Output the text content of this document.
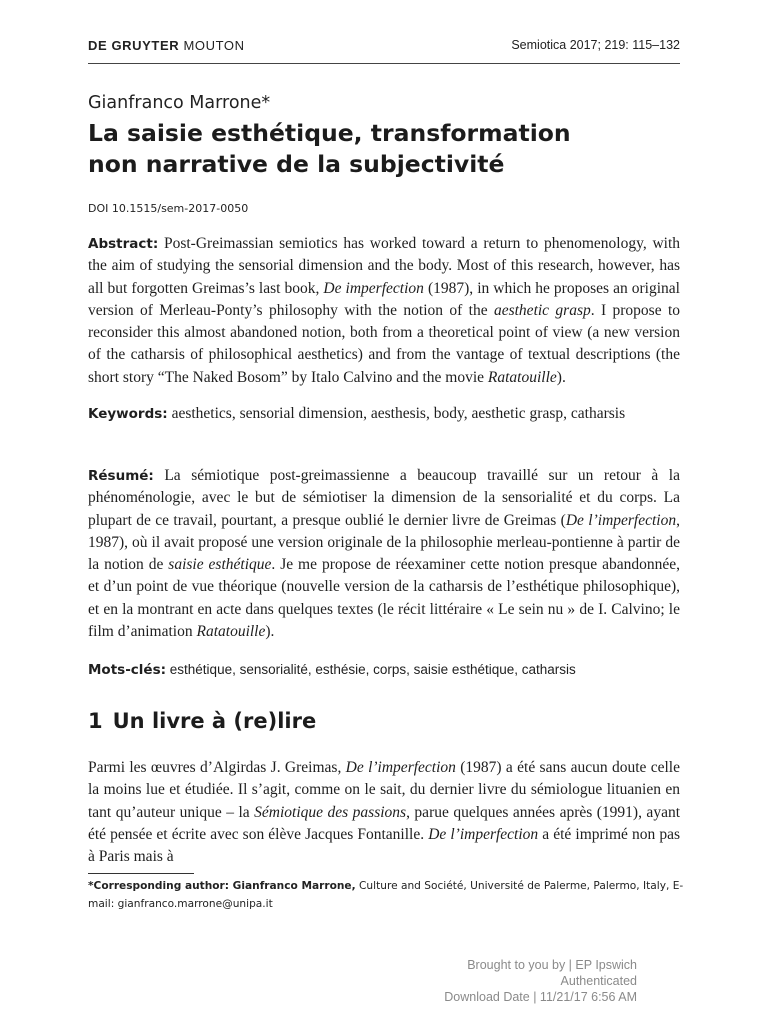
DE GRUYTER MOUTON	Semiotica 2017; 219: 115–132
Gianfranco Marrone*
La saisie esthétique, transformation
non narrative de la subjectivité
DOI 10.1515/sem-2017-0050
Abstract: Post-Greimassian semiotics has worked toward a return to phenomenology, with the aim of studying the sensorial dimension and the body. Most of this research, however, has all but forgotten Greimas’s last book, De imperfection (1987), in which he proposes an original version of Merleau-Ponty’s philosophy with the notion of the aesthetic grasp. I propose to reconsider this almost abandoned notion, both from a theoretical point of view (a new version of the catharsis of philosophical aesthetics) and from the vantage of textual descriptions (the short story “The Naked Bosom” by Italo Calvino and the movie Ratatouille).
Keywords: aesthetics, sensorial dimension, aesthesis, body, aesthetic grasp, catharsis
Résumé: La sémiotique post-greimassienne a beaucoup travaillé sur un retour à la phénoménologie, avec le but de sémiotiser la dimension de la sensorialité et du corps. La plupart de ce travail, pourtant, a presque oublié le dernier livre de Greimas (De l’imperfection, 1987), où il avait proposé une version originale de la philosophie merleau-pontienne à partir de la notion de saisie esthétique. Je me propose de réexaminer cette notion presque abandonnée, et d’un point de vue théorique (nouvelle version de la catharsis de l’esthétique philosophique), et en la montrant en acte dans quelques textes (le récit littéraire « Le sein nu » de I. Calvino; le film d’animation Ratatouille).
Mots-clés: esthétique, sensorialité, esthésie, corps, saisie esthétique, catharsis
1 Un livre à (re)lire
Parmi les œuvres d’Algirdas J. Greimas, De l’imperfection (1987) a été sans aucun doute celle la moins lue et étudiée. Il s’agit, comme on le sait, du dernier livre du sémiologue lituanien en tant qu’auteur unique – la Sémiotique des passions, parue quelques années après (1991), ayant été pensée et écrite avec son élève Jacques Fontanille. De l’imperfection a été imprimé non pas à Paris mais à
*Corresponding author: Gianfranco Marrone, Culture and Société, Université de Palerme, Palermo, Italy, E-mail: gianfranco.marrone@unipa.it
Brought to you by | EP Ipswich
Authenticated
Download Date | 11/21/17 6:56 AM
